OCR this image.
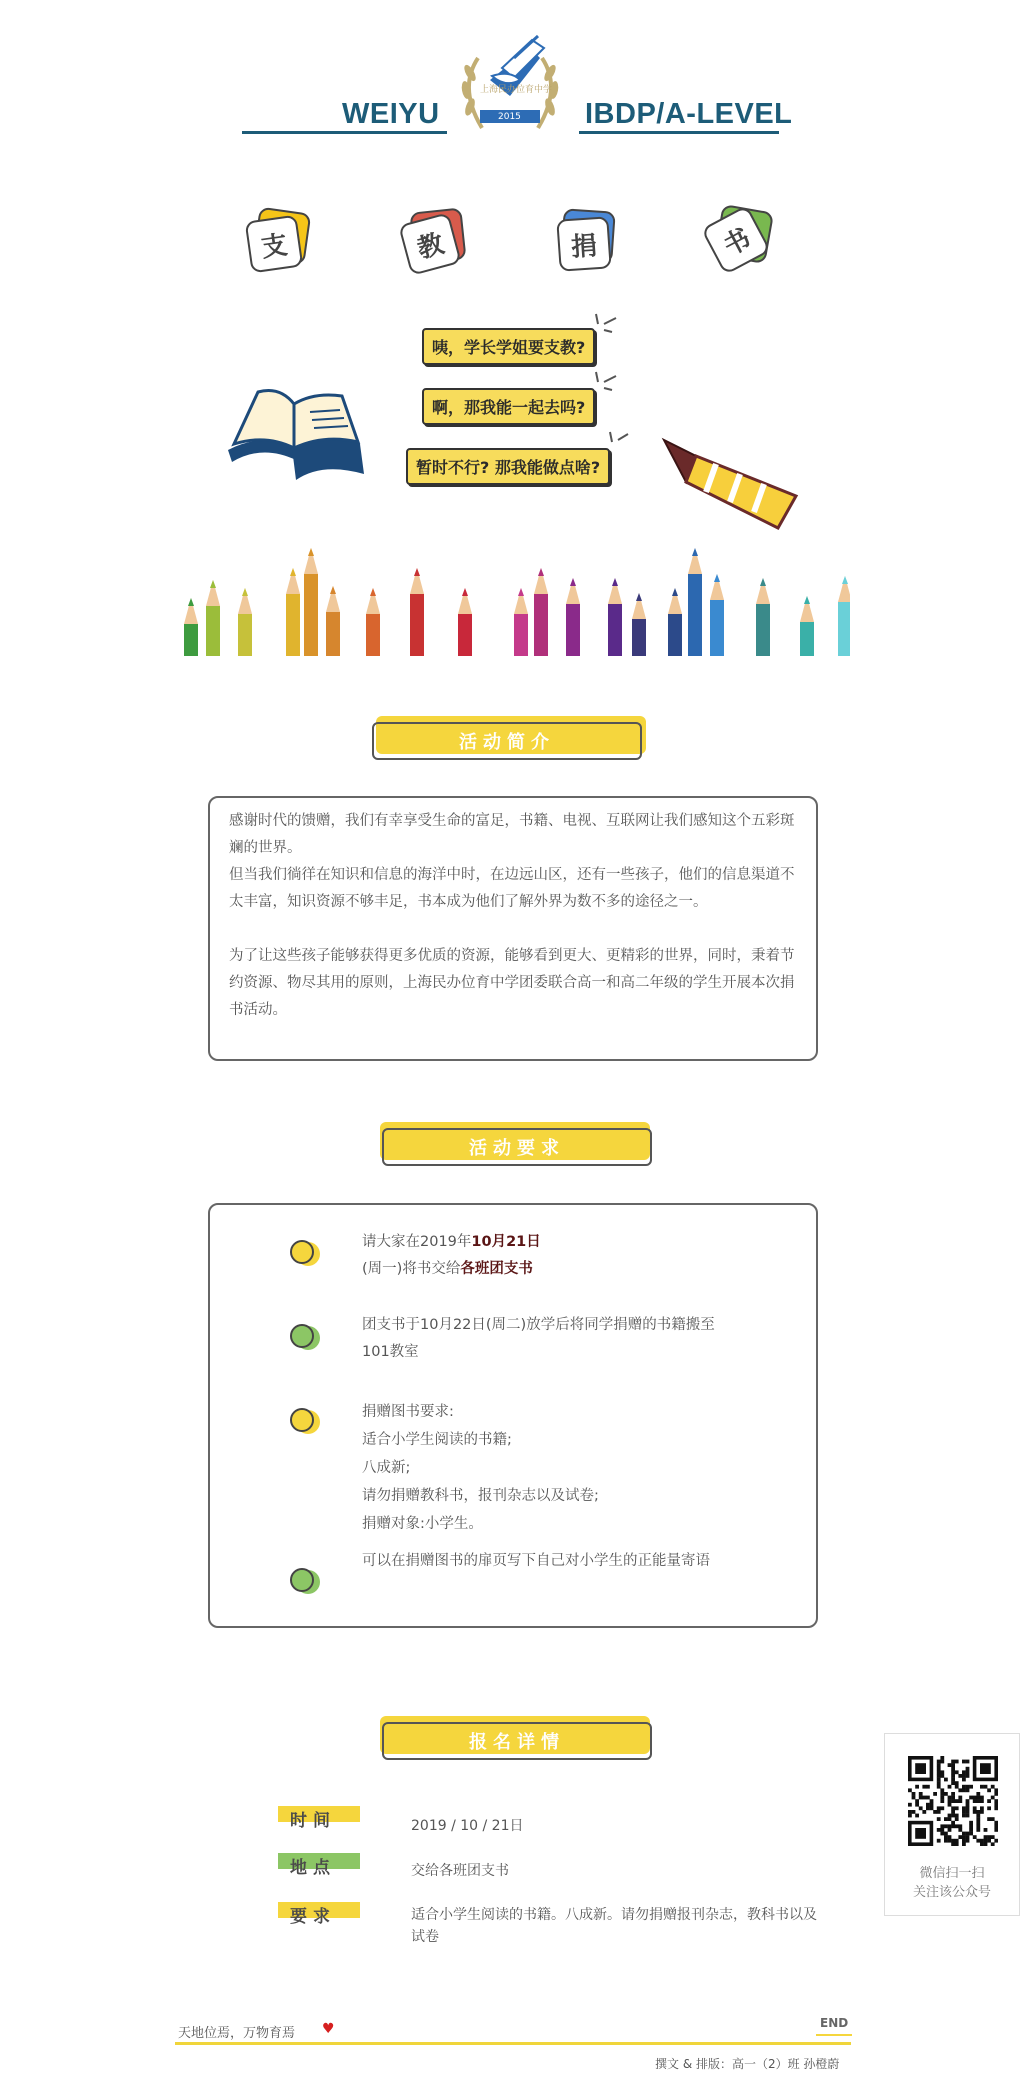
WEIYU	IBDP/A-LEVEL
上海民办位育中学
2015
支	教	捐	书
咦，学长学姐要支教?
啊，那我能一起去吗?
暂时不行? 那我能做点啥?
活动简介
感谢时代的馈赠，我们有幸享受生命的富足，书籍、电视、互联网让我们感知这个五彩斑斓的世界。
但当我们徜徉在知识和信息的海洋中时，在边远山区，还有一些孩子，他们的信息渠道不太丰富，知识资源不够丰足，书本成为他们了解外界为数不多的途径之一。
为了让这些孩子能够获得更多优质的资源，能够看到更大、更精彩的世界，同时，秉着节约资源、物尽其用的原则，上海民办位育中学团委联合高一和高二年级的学生开展本次捐书活动。
活动要求
请大家在2019年10月21日
(周一)将书交给各班团支书
团支书于10月22日(周二)放学后将同学捐赠的书籍搬至
101教室
捐赠图书要求:
适合小学生阅读的书籍;
八成新;
请勿捐赠教科书，报刊杂志以及试卷;
捐赠对象:小学生。
可以在捐赠图书的扉页写下自己对小学生的正能量寄语
报名详情
时间	2019 / 10 / 21日
地点	交给各班团支书
要求	适合小学生阅读的书籍。八成新。请勿捐赠报刊杂志，教科书以及试卷
微信扫一扫
关注该公众号
天地位焉，万物育焉 ♥	END
撰文 & 排版：高一（2）班 孙橙蔚
